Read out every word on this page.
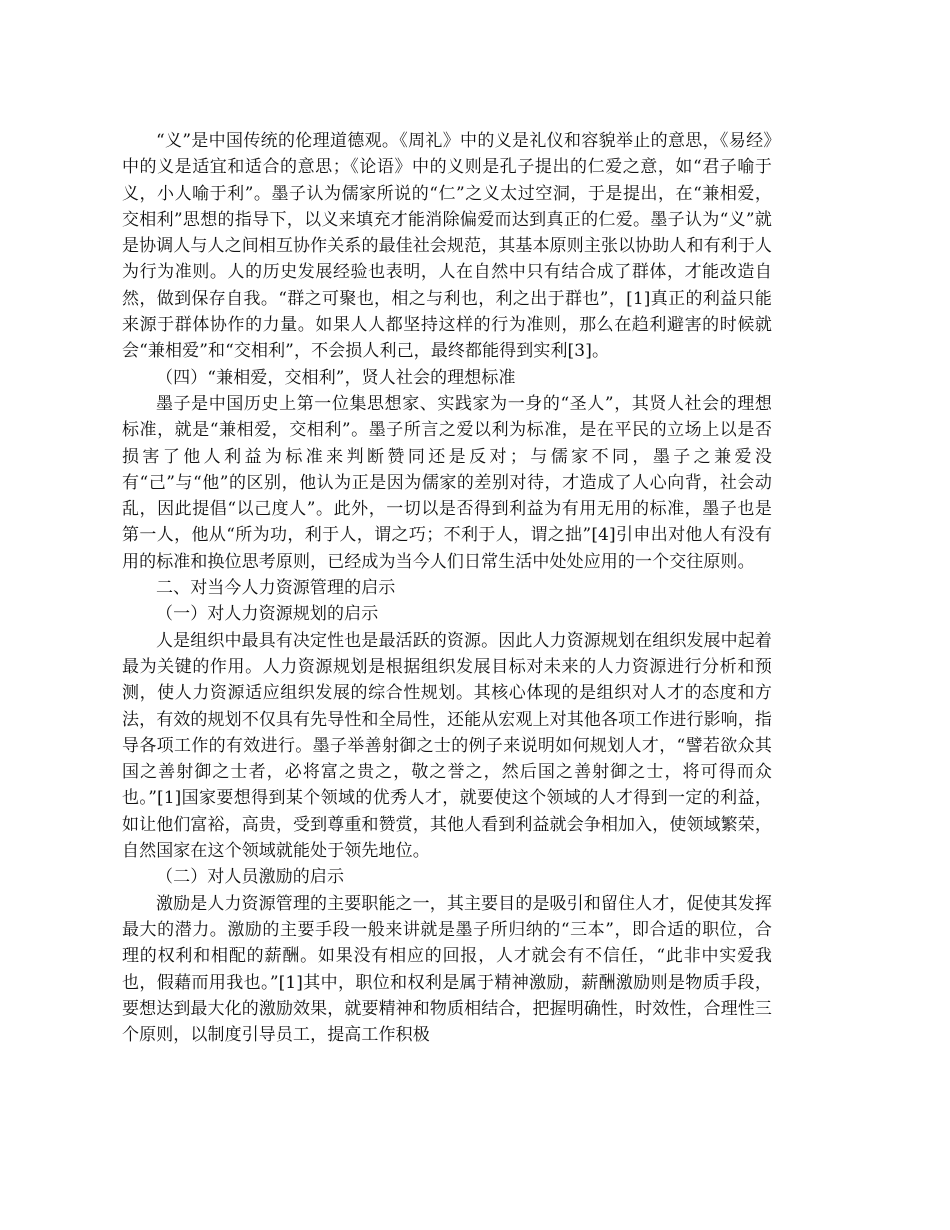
“义”是中国传统的伦理道德观。《周礼》中的义是礼仪和容貌举止的意思，《易经》中的义是适宜和适合的意思；《论语》中的义则是孔子提出的仁爱之意，如“君子喻于义，小人喻于利”。墨子认为儒家所说的“仁”之义太过空洞，于是提出，在“兼相爱，交相利”思想的指导下，以义来填充才能消除偏爱而达到真正的仁爱。墨子认为“义”就是协调人与人之间相互协作关系的最佳社会规范，其基本原则主张以协助人和有利于人为行为准则。人的历史发展经验也表明，人在自然中只有结合成了群体，才能改造自然，做到保存自我。“群之可聚也，相之与利也，利之出于群也”，[1]真正的利益只能来源于群体协作的力量。如果人人都坚持这样的行为准则，那么在趋利避害的时候就会“兼相爱”和“交相利”，不会损人利己，最终都能得到实利[3]。

（四）“兼相爱，交相利”，贤人社会的理想标准

墨子是中国历史上第一位集思想家、实践家为一身的“圣人”，其贤人社会的理想标准，就是“兼相爱，交相利”。墨子所言之爱以利为标准，是在平民的立场上以是否损害了他人利益为标准来判断赞同还是反对；与儒家不同，墨子之兼爱没有“己”与“他”的区别，他认为正是因为儒家的差别对待，才造成了人心向背，社会动乱，因此提倡“以己度人”。此外，一切以是否得到利益为有用无用的标准，墨子也是第一人，他从“所为功，利于人，谓之巧；不利于人，谓之拙”[4]引申出对他人有没有用的标准和换位思考原则，已经成为当今人们日常生活中处处应用的一个交往原则。

二、对当今人力资源管理的启示

（一）对人力资源规划的启示

人是组织中最具有决定性也是最活跃的资源。因此人力资源规划在组织发展中起着最为关键的作用。人力资源规划是根据组织发展目标对未来的人力资源进行分析和预测，使人力资源适应组织发展的综合性规划。其核心体现的是组织对人才的态度和方法，有效的规划不仅具有先导性和全局性，还能从宏观上对其他各项工作进行影响，指导各项工作的有效进行。墨子举善射御之士的例子来说明如何规划人才，“譬若欲众其国之善射御之士者，必将富之贵之，敬之誉之，然后国之善射御之士，将可得而众也。”[1]国家要想得到某个领域的优秀人才，就要使这个领域的人才得到一定的利益，如让他们富裕，高贵，受到尊重和赞赏，其他人看到利益就会争相加入，使领域繁荣，自然国家在这个领域就能处于领先地位。

（二）对人员激励的启示

激励是人力资源管理的主要职能之一，其主要目的是吸引和留住人才，促使其发挥最大的潜力。激励的主要手段一般来讲就是墨子所归纳的“三本”，即合适的职位，合理的权利和相配的薪酬。如果没有相应的回报，人才就会有不信任，“此非中实爱我也，假藉而用我也。”[1]其中，职位和权利是属于精神激励，薪酬激励则是物质手段，要想达到最大化的激励效果，就要精神和物质相结合，把握明确性，时效性，合理性三个原则，以制度引导员工，提高工作积极
